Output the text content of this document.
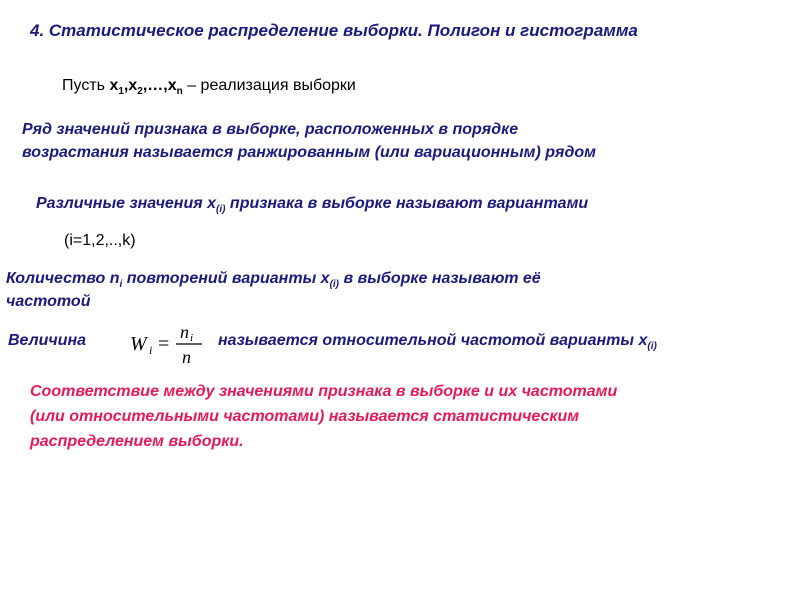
4. Статистическое распределение выборки. Полигон и гистограмма
Пусть $x_1,x_2,\dots,x_n$ – реализация выборки
Ряд значений признака в выборке, расположенных в порядке
возрастания называется ранжированным (или вариационным) рядом
Различные значения $x_{(i)}$ признака в выборке называют вариантами
(i=1,2,..,k)
Количество $n_i$ повторений варианты $x_{(i)}$ в выборке называют её
частотой
Величина W i =
n i
n
называется относительной частотой варианты $x_{(i)}$
Соответствие между значениями признака в выборке и их частотами
(или относительными частотами) называется статистическим
распределением выборки.
